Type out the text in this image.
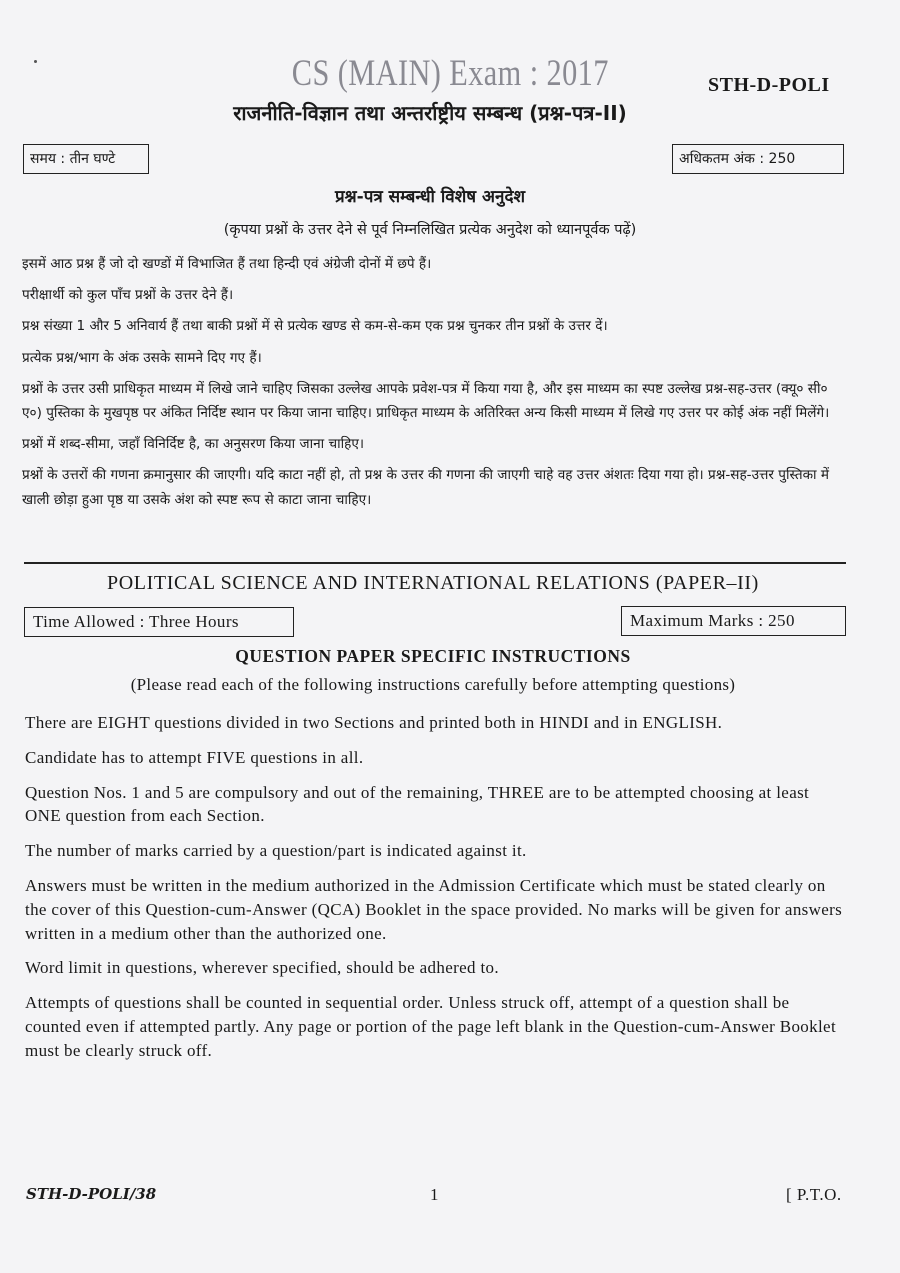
CS (MAIN) Exam : 2017	STH-D-POLI
राजनीति-विज्ञान तथा अन्तर्राष्ट्रीय सम्बन्ध (प्रश्न-पत्र-II)
समय : तीन घण्टे	अधिकतम अंक : 250
प्रश्न-पत्र सम्बन्धी विशेष अनुदेश
(कृपया प्रश्नों के उत्तर देने से पूर्व निम्नलिखित प्रत्येक अनुदेश को ध्यानपूर्वक पढ़ें)

इसमें आठ प्रश्न हैं जो दो खण्डों में विभाजित हैं तथा हिन्दी एवं अंग्रेजी दोनों में छपे हैं।

परीक्षार्थी को कुल पाँच प्रश्नों के उत्तर देने हैं।

प्रश्न संख्या 1 और 5 अनिवार्य हैं तथा बाकी प्रश्नों में से प्रत्येक खण्ड से कम-से-कम एक प्रश्न चुनकर तीन प्रश्नों के उत्तर दें।

प्रत्येक प्रश्न/भाग के अंक उसके सामने दिए गए हैं।

प्रश्नों के उत्तर उसी प्राधिकृत माध्यम में लिखे जाने चाहिए जिसका उल्लेख आपके प्रवेश-पत्र में किया गया है, और इस माध्यम का स्पष्ट उल्लेख प्रश्न-सह-उत्तर (क्यू० सी० ए०) पुस्तिका के मुखपृष्ठ पर अंकित निर्दिष्ट स्थान पर किया जाना चाहिए। प्राधिकृत माध्यम के अतिरिक्त अन्य किसी माध्यम में लिखे गए उत्तर पर कोई अंक नहीं मिलेंगे।

प्रश्नों में शब्द-सीमा, जहाँ विनिर्दिष्ट है, का अनुसरण किया जाना चाहिए।

प्रश्नों के उत्तरों की गणना क्रमानुसार की जाएगी। यदि काटा नहीं हो, तो प्रश्न के उत्तर की गणना की जाएगी चाहे वह उत्तर अंशतः दिया गया हो। प्रश्न-सह-उत्तर पुस्तिका में खाली छोड़ा हुआ पृष्ठ या उसके अंश को स्पष्ट रूप से काटा जाना चाहिए।

POLITICAL SCIENCE AND INTERNATIONAL RELATIONS (PAPER–II)
Time Allowed : Three Hours	Maximum Marks : 250
QUESTION PAPER SPECIFIC INSTRUCTIONS
(Please read each of the following instructions carefully before attempting questions)

There are EIGHT questions divided in two Sections and printed both in HINDI and in ENGLISH.

Candidate has to attempt FIVE questions in all.

Question Nos. 1 and 5 are compulsory and out of the remaining, THREE are to be attempted choosing at least ONE question from each Section.

The number of marks carried by a question/part is indicated against it.

Answers must be written in the medium authorized in the Admission Certificate which must be stated clearly on the cover of this Question-cum-Answer (QCA) Booklet in the space provided. No marks will be given for answers written in a medium other than the authorized one.

Word limit in questions, wherever specified, should be adhered to.

Attempts of questions shall be counted in sequential order. Unless struck off, attempt of a question shall be counted even if attempted partly. Any page or portion of the page left blank in the Question-cum-Answer Booklet must be clearly struck off.

STH-D-POLI/38	1	[ P.T.O.
